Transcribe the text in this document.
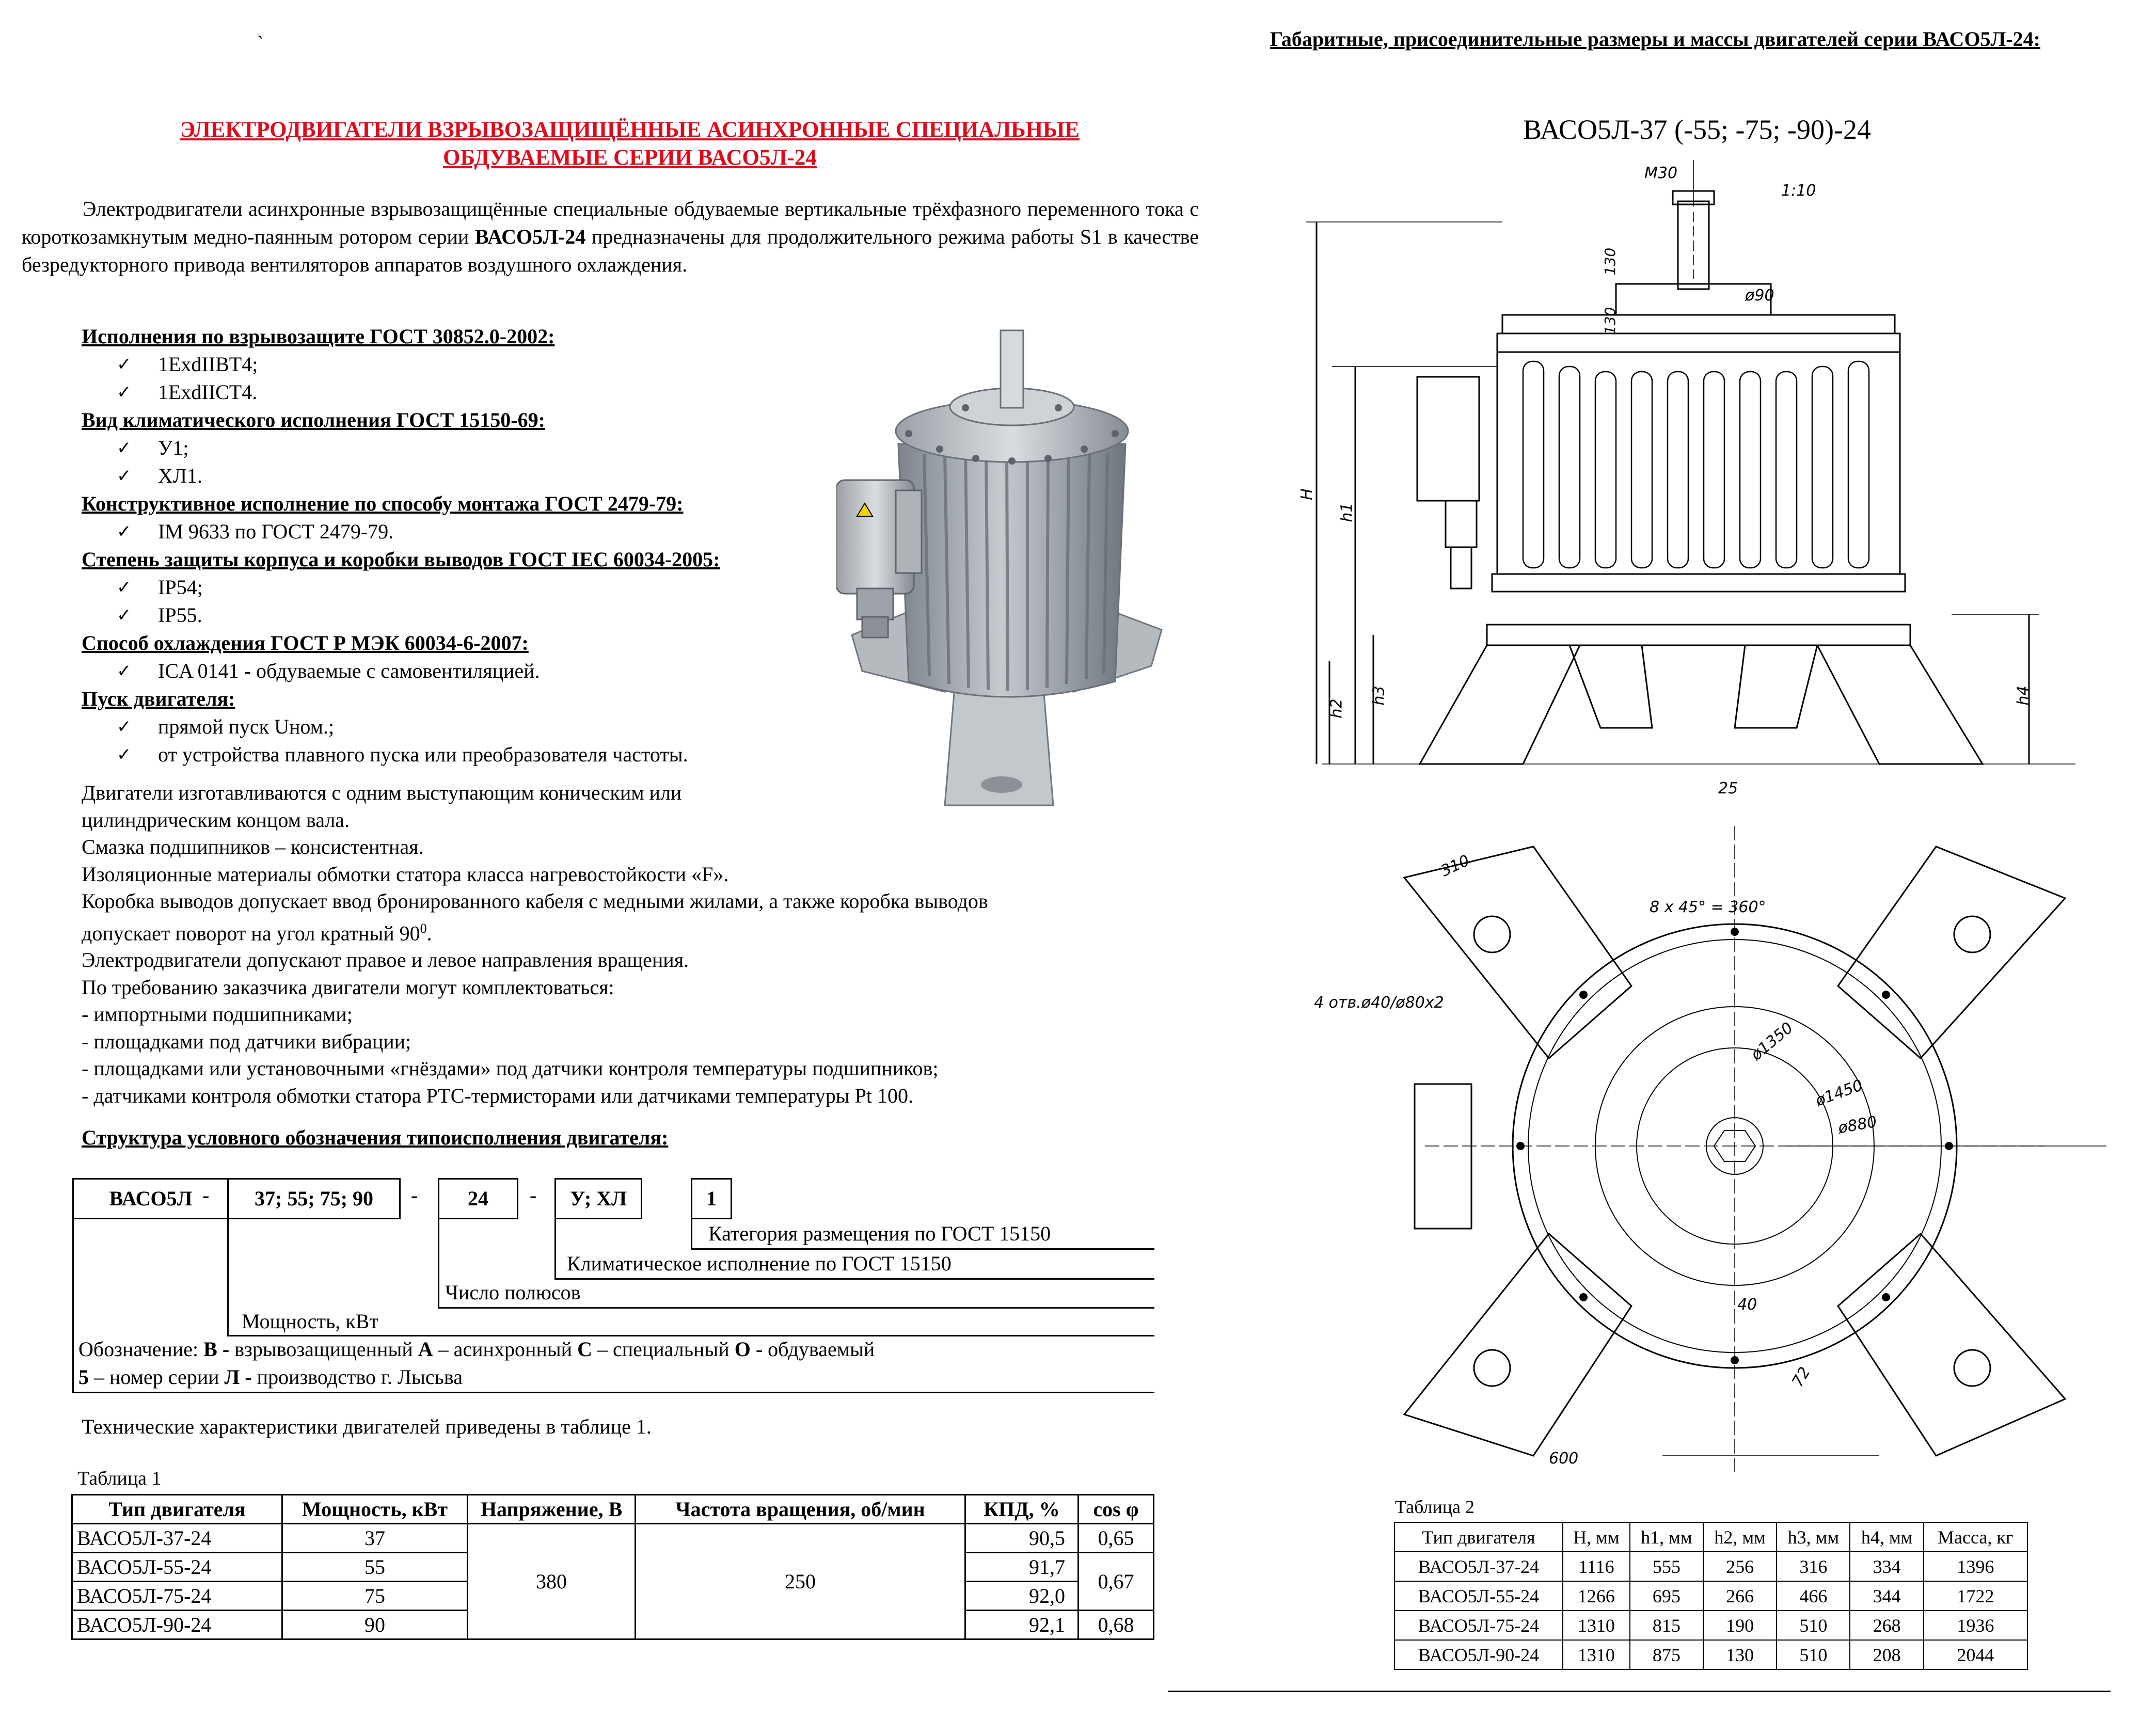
`	Габаритные, присоединительные размеры и массы двигателей серии ВАСО5Л-24:
ЭЛЕКТРОДВИГАТЕЛИ ВЗРЫВОЗАЩИЩЁННЫЕ АСИНХРОННЫЕ СПЕЦИАЛЬНЫЕ
ОБДУВАЕМЫЕ СЕРИИ ВАСО5Л-24
Электродвигатели асинхронные взрывозащищённые специальные обдуваемые вертикальные трёхфазного переменного тока с короткозамкнутым медно-паянным ротором серии ВАСО5Л-24 предназначены для продолжительного режима работы S1 в качестве безредукторного привода вентиляторов аппаратов воздушного охлаждения.
Исполнения по взрывозащите ГОСТ 30852.0-2002:
✓ 1ExdIIBT4;
✓ 1ExdIICT4.
Вид климатического исполнения ГОСТ 15150-69:
✓ У1;
✓ ХЛ1.
Конструктивное исполнение по способу монтажа ГОСТ 2479-79:
✓ IM 9633 по ГОСТ 2479-79.
Степень защиты корпуса и коробки выводов ГОСТ IEC 60034-2005:
✓ IP54;
✓ IP55.
Способ охлаждения ГОСТ Р МЭК 60034-6-2007:
✓ ICA 0141 - обдуваемые с самовентиляцией.
Пуск двигателя:
✓ прямой пуск Uном.;
✓ от устройства плавного пуска или преобразователя частоты.
Двигатели изготавливаются с одним выступающим коническим или
цилиндрическим концом вала.
Смазка подшипников – консистентная.
Изоляционные материалы обмотки статора класса нагревостойкости «F».
Коробка выводов допускает ввод бронированного кабеля с медными жилами, а также коробка выводов
допускает поворот на угол кратный $90^0$.
Электродвигатели допускают правое и левое направления вращения.
По требованию заказчика двигатели могут комплектоваться:
- импортными подшипниками;
- площадками под датчики вибрации;
- площадками или установочными «гнёздами» под датчики контроля температуры подшипников;
- датчиками контроля обмотки статора РТС-термисторами или датчиками температуры Pt 100.
Структура условного обозначения типоисполнения двигателя:
ВАСО5Л -	37; 55; 75; 90	-	24	-	У; ХЛ	1
Категория размещения по ГОСТ 15150
Климатическое исполнение по ГОСТ 15150
Число полюсов
Мощность, кВт
Обозначение: В - взрывозащищенный А – асинхронный С – специальный О - обдуваемый
5 – номер серии Л - производство г. Лысьва
Технические характеристики двигателей приведены в таблице 1.
Таблица 1
Тип двигателя	Мощность, кВт	Напряжение, В	Частота вращения, об/мин	КПД, %	cos φ
ВАСО5Л-37-24	37	380	250	90,5	0,65
ВАСО5Л-55-24	55			91,7	0,67
ВАСО5Л-75-24	75			92,0	
ВАСО5Л-90-24	90			92,1	0,68
ВАСО5Л-37 (-55; -75; -90)-24
М30
1:10
130
130
ø90
H
h1
h2
h3	h4
25
310
8 x 45° = 360°
4 отв.ø40/ø80x2
ø1350
ø1450
ø880
40
72
600
Таблица 2
Тип двигателя	H, мм	h1, мм	h2, мм	h3, мм	h4, мм	Масса, кг
ВАСО5Л-37-24	1116	555	256	316	334	1396
ВАСО5Л-55-24	1266	695	266	466	344	1722
ВАСО5Л-75-24	1310	815	190	510	268	1936
ВАСО5Л-90-24	1310	875	130	510	208	2044
